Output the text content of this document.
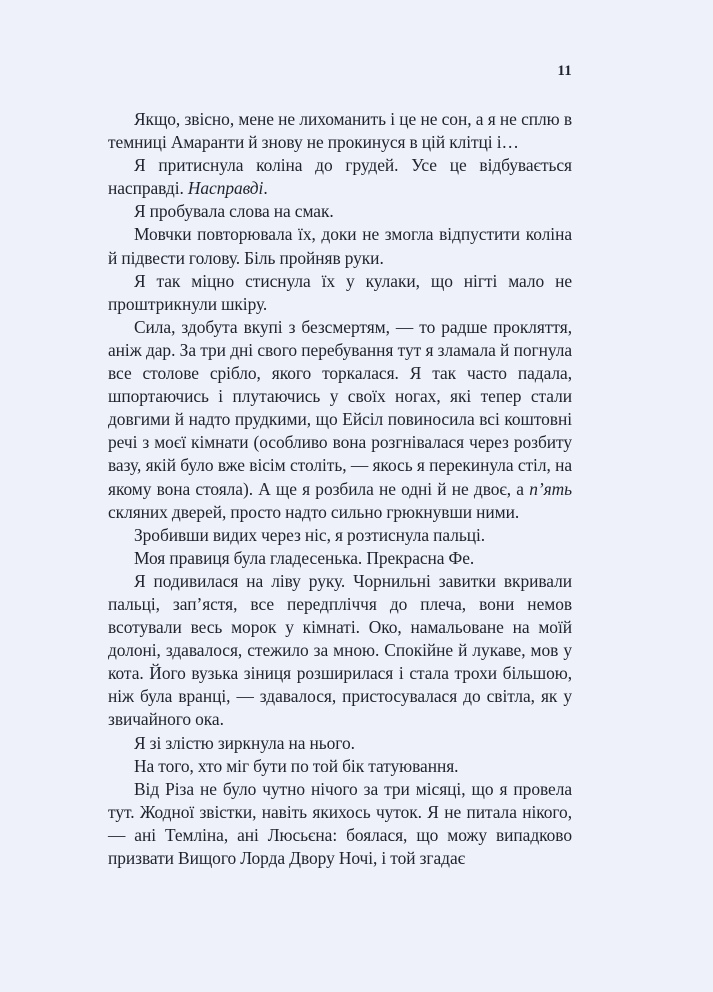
11

Якщо, звісно, мене не лихоманить і це не сон, а я не сплю в темниці Амаранти й знову не прокинуся в цій клітці і…

Я притиснула коліна до грудей. Усе це відбувається насправді. Насправді.

Я пробувала слова на смак.

Мовчки повторювала їх, доки не змогла відпустити коліна й підвести голову. Біль пройняв руки.

Я так міцно стиснула їх у кулаки, що нігті мало не проштрикнули шкіру.

Сила, здобута вкупі з безсмертям, — то радше прокляття, аніж дар. За три дні свого перебування тут я зламала й погнула все столове срібло, якого торкалася. Я так часто падала, шпортаючись і плутаючись у своїх ногах, які тепер стали довгими й надто прудкими, що Ейсіл повиносила всі коштовні речі з моєї кімнати (особливо вона розгнівалася через розбиту вазу, якій було вже вісім століть, — якось я перекинула стіл, на якому вона стояла). А ще я розбила не одні й не двоє, а п’ять скляних дверей, просто надто сильно грюкнувши ними.

Зробивши видих через ніс, я розтиснула пальці.

Моя правиця була гладесенька. Прекрасна Фе.

Я подивилася на ліву руку. Чорнильні завитки вкривали пальці, зап’ястя, все передпліччя до плеча, вони немов всотували весь морок у кімнаті. Око, намальоване на моїй долоні, здавалося, стежило за мною. Спокійне й лукаве, мов у кота. Його вузька зіниця розширилася і стала трохи більшою, ніж була вранці, — здавалося, пристосувалася до світла, як у звичайного ока.

Я зі злістю зиркнула на нього.

На того, хто міг бути по той бік татуювання.

Від Різа не було чутно нічого за три місяці, що я провела тут. Жодної звістки, навіть якихось чуток. Я не питала нікого, — ані Темліна, ані Люсьєна: боялася, що можу випадково призвати Вищого Лорда Двору Ночі, і той згадає
